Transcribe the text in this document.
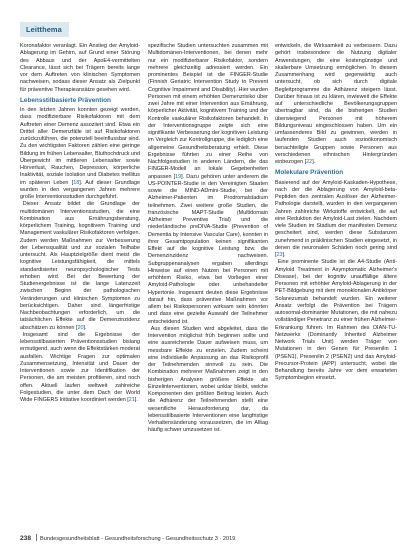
Leitthema

Koronafaktor veranlagt. Ein Anstieg der Amyloid-Ablagerung im Gehirn, auf Grund einer Störung des Abbaus und der ApoE4-vermittelten Clearance, lässt sich bei Trägern bereits lange vor dem Auftreten von klinischen Symptomen nachweisen, sodass dieser Ansatz als Zielpunkt für präventive Therapieansätze gesehen wird.

Lebensstilbasierte Prävention

In den letzten Jahren konnten gezeigt werden, dass modifizierbare Risikofaktoren mit dem Auftreten einer Demenz assoziiert sind. Etwa ein Drittel aller Demenzfälle ist auf Risikofaktoren zurückzuführen, die potenziell beeinflussbar sind. Zu den wichtigsten Faktoren zählen eine geringe Bildung im frühen Lebensalter, Bluthochdruck und Übergewicht im mittleren Lebensalter sowie Hörverlust, Rauchen, Depression, körperliche Inaktivität, soziale Isolation und Diabetes mellitus im späteren Leben [18]. Auf dieser Grundlage wurden in den vergangenen Jahren mehrere große Interventionsstudien durchgeführt.

 Dieser Ansatz bildet die Grundlage der multidomänen Interventionsstudien, die eine Kombination aus Ernährungsberatung, körperlichem Training, kognitivem Training und Management vaskulärer Risikofaktoren verfolgen. Zudem werden Maßnahmen zur Verbesserung der Lebensqualität und zur sozialen Teilhabe untersucht. Als Hauptzielgröße dient meist die kognitive Leistungsfähigkeit, die mittels standardisierter neuropsychologischer Tests erhoben wird. Bei der Bewertung der Studienergebnisse ist die lange Latenzzeit zwischen Beginn der pathologischen Veränderungen und klinischen Symptomen zu berücksichtigen. Daher sind längerfristige Nachbeobachtungen erforderlich, um die tatsächlichen Effekte auf die Demenzinzidenz abschätzen zu können [20].

 Insgesamt sind die Ergebnisse der lebensstilbasierten Präventionsstudien bislang ermutigend, auch wenn die Effektstärken moderat ausfallen. Wichtige Fragen zur optimalen Zusammensetzung, Intensität und Dauer der Interventionen sowie zur Identifikation der Personen, die am meisten profitieren, sind noch offen. Aktuell laufen weltweit zahlreiche Folgestudien, die unter dem Dach der World Wide FINGERS Initiative koordiniert werden [21].

spezifische Studien untersuchten zusammen mit Multidomänen-Interventionen, bei denen mehr nur ein modifizierbarer Risikofaktor, sondern mehrere gleichzeitig adressiert werden. Ein prominentes Beispiel ist die FINGER-Studie (Finnish Geriatric Intervention Study to Prevent Cognitive Impairment and Disability). Hier wurden Personen mit einem erhöhten Demenzrisiko über zwei Jahre mit einer Intervention aus Ernährung, körperlicher Aktivität, kognitivem Training und der Kontrolle vaskulärer Risikofaktoren behandelt. In der Interventionsgruppe zeigte sich eine signifikante Verbesserung der kognitiven Leistung im Vergleich zur Kontrollgruppe, die lediglich eine allgemeine Gesundheitsberatung erhielt. Diese Ergebnisse führten zu einer Reihe von Nachfolgestudien in anderen Ländern, die das FINGER-Modell an lokale Gegebenheiten anpassen [19]. Dazu gehören unter anderem die US-POINTER-Studie in den Vereinigten Staaten sowie die MIND-ADmini-Studie, bei der Alzheimer-Patienten im Prodromalstadium teilnehmen. Zwei weitere große Studien, die französische MAPT-Studie (Multidomain Alzheimer Preventive Trial) und die niederländische preDIVA-Studie (Prevention of Dementia by Intensive Vascular Care), konnten in ihrer Gesamtpopulation keinen signifikanten Effekt auf die kognitive Leistung bzw. die Demenzinzidenz nachweisen. Subgruppenanalysen ergaben allerdings Hinweise auf einen Nutzen bei Personen mit erhöhtem Risiko, etwa bei Vorliegen einer Amyloid-Pathologie oder unbehandelter Hypertonie. Insgesamt deuten diese Ergebnisse darauf hin, dass präventive Maßnahmen vor allem bei Risikopersonen wirksam sein könnten und dass eine gezielte Auswahl der Teilnehmer entscheidend ist.

 Aus diesen Studien wird abgeleitet, dass die Intervention möglichst früh beginnen sollte und eine ausreichende Dauer aufweisen muss, um messbare Effekte zu erzielen. Zudem scheint eine individuelle Anpassung an das Risikoprofil der Teilnehmenden sinnvoll zu sein. Die Kombination mehrerer Maßnahmen zeigt in den bisherigen Analysen größere Effekte als Einzelinterventionen, wobei unklar bleibt, welche Komponenten den größten Beitrag leisten. Auch die Adhärenz der Teilnehmenden stellt eine wesentliche Herausforderung dar, da lebensstilbasierte Interventionen eine langfristige Verhaltensänderung voraussetzen, die im Alltag häufig schwer umzusetzen ist.

entwickeln, die Wirksamkeit zu verbessern. Dazu gehört insbesondere die Nutzung digitaler Anwendungen, die eine kostengünstige und skalierbare Umsetzung ermöglichen. In diesem Zusammenhang wird gegenwärtig auch untersucht, ob sich durch digitale Begleitprogramme die Adhärenz steigern lässt. Darüber hinaus ist zu klären, inwieweit die Effekte auf unterschiedliche Bevölkerungsgruppen übertragbar sind, da die bisherigen Studien überwiegend Personen mit höherem Bildungsniveau eingeschlossen haben. Um ein umfassenderes Bild zu gewinnen, werden in laufenden Studien auch sozioökonomisch benachteiligte Gruppen sowie Personen aus verschiedenen ethnischen Hintergründen einbezogen [22].

Molekulare Prävention

Basierend auf der Amyloid-Kaskaden-Hypothese, nach der die Ablagerung von Amyloid-beta-Peptiden den zentralen Auslöser der Alzheimer-Pathologie darstellt, wurden in den vergangenen Jahren zahlreiche Wirkstoffe entwickelt, die auf eine Reduktion der Amyloid-Last zielen. Nachdem viele Studien im Stadium der manifesten Demenz gescheitert sind, werden diese Substanzen zunehmend in präklinischen Stadien eingesetzt, in denen die neuronalen Schäden noch gering sind [23].

 Eine prominente Studie ist die A4-Studie (Anti-Amyloid Treatment in Asymptomatic Alzheimer's Disease), bei der kognitiv unauffällige ältere Personen mit erhöhter Amyloid-Ablagerung in der PET-Bildgebung mit dem monoklonalen Antikörper Solanezumab behandelt wurden. Ein weiterer Ansatz verfolgt die Prävention bei Trägern autosomal-dominanter Mutationen, die mit nahezu vollständiger Penetranz zu einer frühen Alzheimer-Erkrankung führen. Im Rahmen des DIAN-TU-Netzwerks (Dominantly Inherited Alzheimer Network Trials Unit) werden Träger von Mutationen in den Genen für Presenilin 1 (PSEN1), Presenilin 2 (PSEN2) und das Amyloid-Precursor-Protein (APP) untersucht, wobei die Behandlung bereits Jahre vor dem erwarteten Symptombeginn einsetzt.

238 Bundesgesundheitsblatt - Gesundheitsforschung - Gesundheitsschutz 3 · 2019
